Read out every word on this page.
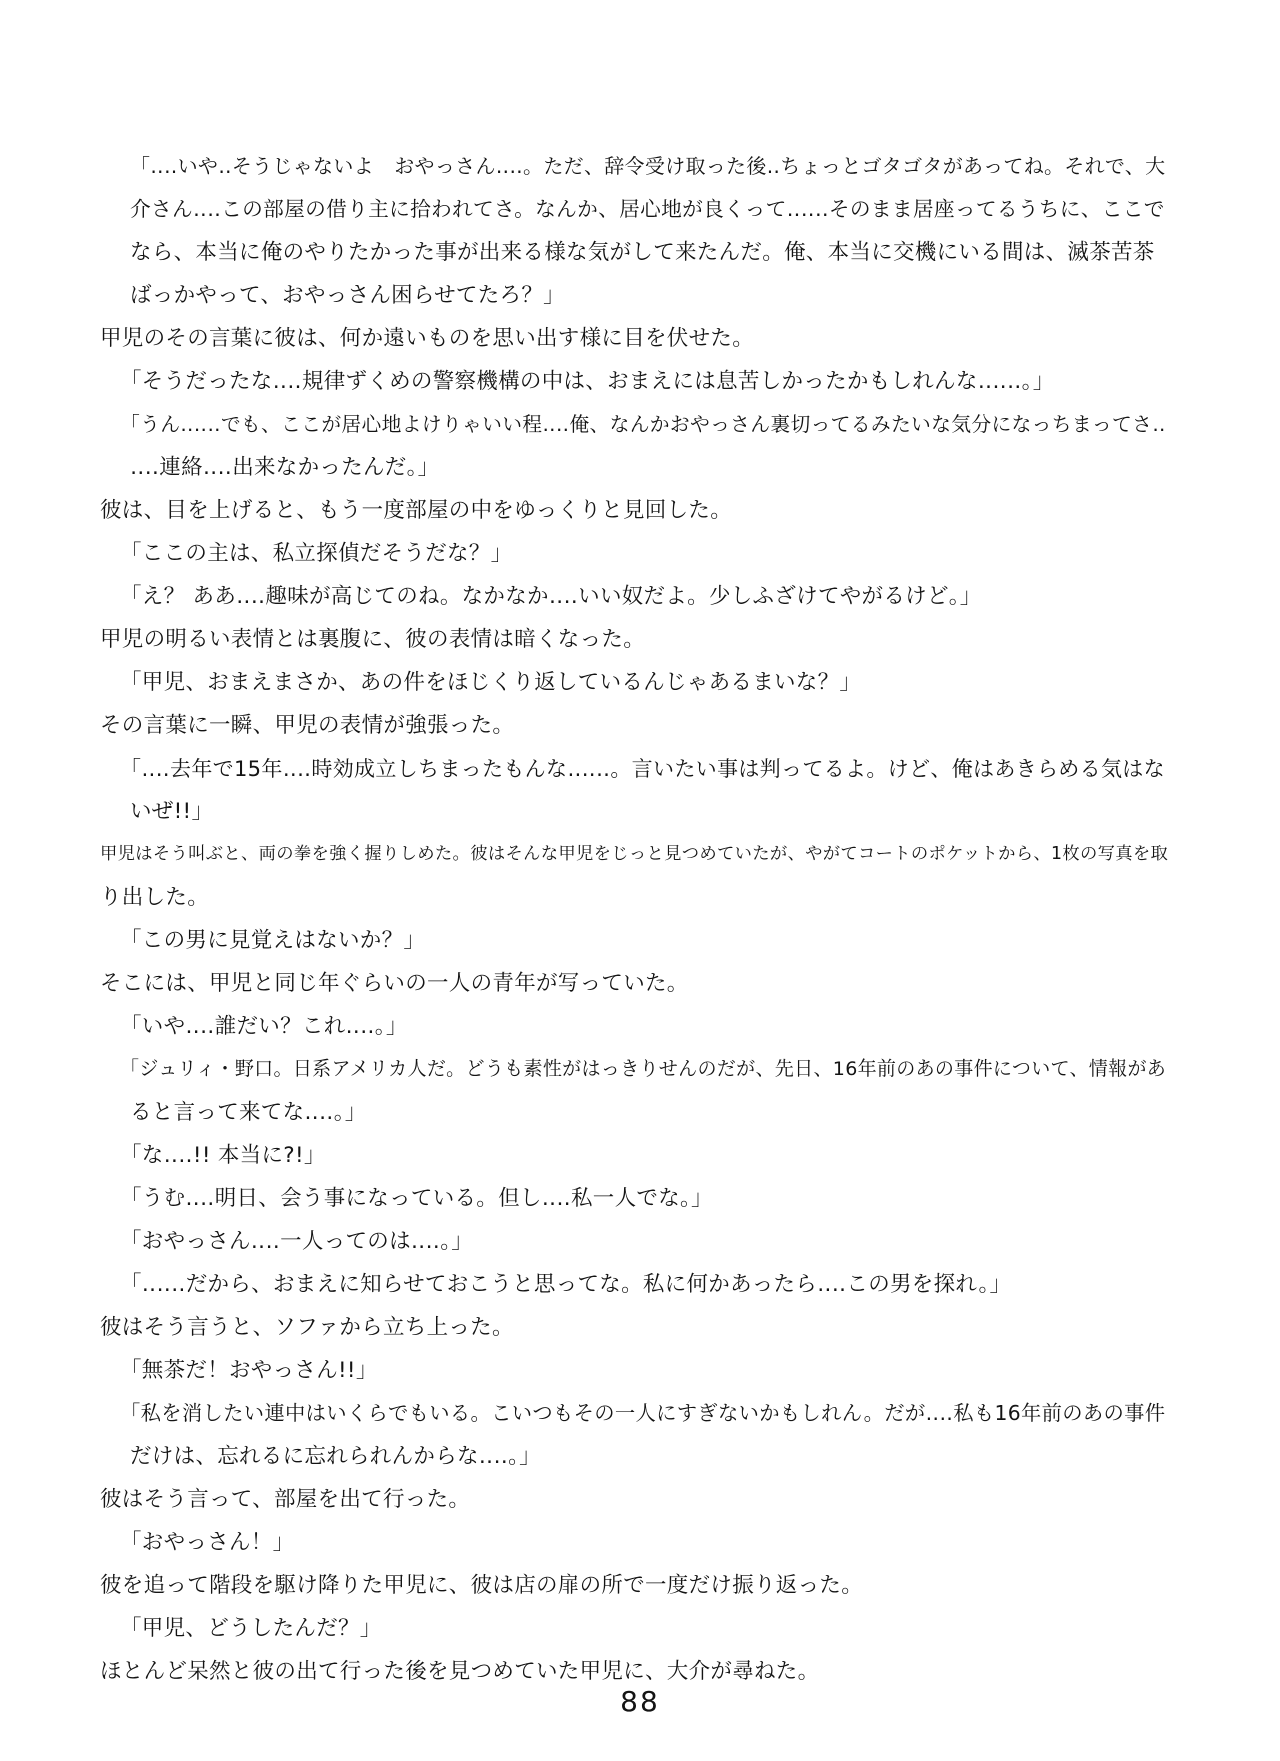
「‥‥いや‥そうじゃないよ　おやっさん‥‥。ただ、辞令受け取った後‥ちょっとゴタゴタがあってね。それで、大
介さん‥‥この部屋の借り主に拾われてさ。なんか、居心地が良くって‥‥‥そのまま居座ってるうちに、ここで
なら、本当に俺のやりたかった事が出来る様な気がして来たんだ。俺、本当に交機にいる間は、滅茶苦茶
ばっかやって、おやっさん困らせてたろ？」
甲児のその言葉に彼は、何か遠いものを思い出す様に目を伏せた。
「そうだったな‥‥規律ずくめの警察機構の中は、おまえには息苦しかったかもしれんな‥‥‥。」
「うん‥‥‥でも、ここが居心地よけりゃいい程‥‥俺、なんかおやっさん裏切ってるみたいな気分になっちまってさ‥
‥‥連絡‥‥出来なかったんだ。」
彼は、目を上げると、もう一度部屋の中をゆっくりと見回した。
「ここの主は、私立探偵だそうだな？」
「え？ ああ‥‥趣味が高じてのね。なかなか‥‥いい奴だよ。少しふざけてやがるけど。」
甲児の明るい表情とは裏腹に、彼の表情は暗くなった。
「甲児、おまえまさか、あの件をほじくり返しているんじゃあるまいな？」
その言葉に一瞬、甲児の表情が強張った。
「‥‥去年で15年‥‥時効成立しちまったもんな‥‥‥。言いたい事は判ってるよ。けど、俺はあきらめる気はな
いぜ!!」
甲児はそう叫ぶと、両の拳を強く握りしめた。彼はそんな甲児をじっと見つめていたが、やがてコートのポケットから、1枚の写真を取
り出した。
「この男に見覚えはないか？」
そこには、甲児と同じ年ぐらいの一人の青年が写っていた。
「いや‥‥誰だい？これ‥‥。」
「ジュリィ・野口。日系アメリカ人だ。どうも素性がはっきりせんのだが、先日、16年前のあの事件について、情報があ
ると言って来てな‥‥。」
「な‥‥!! 本当に?!」
「うむ‥‥明日、会う事になっている。但し‥‥私一人でな。」
「おやっさん‥‥一人ってのは‥‥。」
「‥‥‥だから、おまえに知らせておこうと思ってな。私に何かあったら‥‥この男を探れ。」
彼はそう言うと、ソファから立ち上った。
「無茶だ！おやっさん!!」
「私を消したい連中はいくらでもいる。こいつもその一人にすぎないかもしれん。だが‥‥私も16年前のあの事件
だけは、忘れるに忘れられんからな‥‥。」
彼はそう言って、部屋を出て行った。
「おやっさん！」
彼を追って階段を駆け降りた甲児に、彼は店の扉の所で一度だけ振り返った。
「甲児、どうしたんだ？」
ほとんど呆然と彼の出て行った後を見つめていた甲児に、大介が尋ねた。
88
